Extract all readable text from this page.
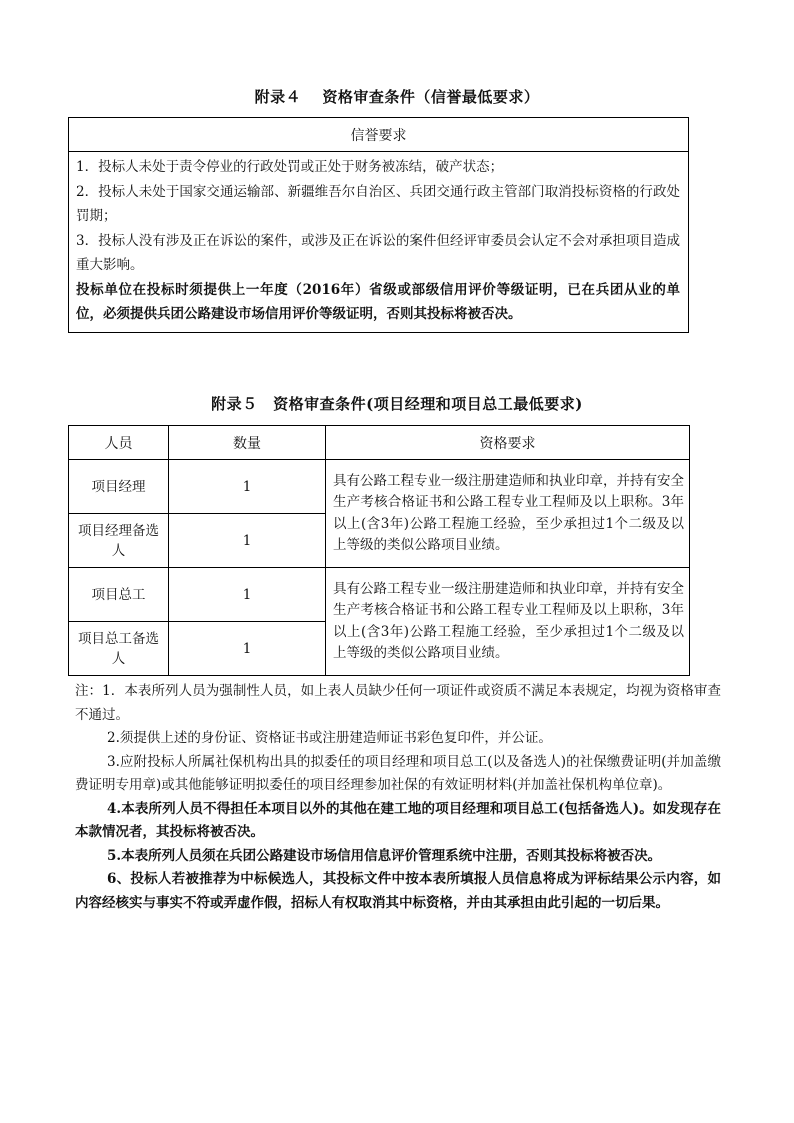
附录４　 资格审查条件（信誉最低要求）
信誉要求

1．投标人未处于责令停业的行政处罚或正处于财务被冻结，破产状态；

2．投标人未处于国家交通运输部、新疆维吾尔自治区、兵团交通行政主管部门取消投标资格的行政处罚期；

3．投标人没有涉及正在诉讼的案件，或涉及正在诉讼的案件但经评审委员会认定不会对承担项目造成重大影响。

投标单位在投标时须提供上一年度（2016年）省级或部级信用评价等级证明，已在兵团从业的单位，必须提供兵团公路建设市场信用评价等级证明，否则其投标将被否决。

附录５　资格审查条件(项目经理和项目总工最低要求)
人员	数量	资格要求
项目经理	1	具有公路工程专业一级注册建造师和执业印章，并持有安全生产考核合格证书和公路工程专业工程师及以上职称。3年以上(含3年)公路工程施工经验，至少承担过1个二级及以上等级的类似公路项目业绩。
项目经理备选人	1	
项目总工	1	具有公路工程专业一级注册建造师和执业印章，并持有安全生产考核合格证书和公路工程专业工程师及以上职称，3年以上(含3年)公路工程施工经验，至少承担过1个二级及以上等级的类似公路项目业绩。
项目总工备选人	1	

注：1．本表所列人员为强制性人员，如上表人员缺少任何一项证件或资质不满足本表规定，均视为资格审查不通过。

2.须提供上述的身份证、资格证书或注册建造师证书彩色复印件，并公证。

3.应附投标人所属社保机构出具的拟委任的项目经理和项目总工(以及备选人)的社保缴费证明(并加盖缴费证明专用章)或其他能够证明拟委任的项目经理参加社保的有效证明材料(并加盖社保机构单位章)。

4.本表所列人员不得担任本项目以外的其他在建工地的项目经理和项目总工(包括备选人)。如发现存在本款情况者，其投标将被否决。

5.本表所列人员须在兵团公路建设市场信用信息评价管理系统中注册，否则其投标将被否决。

6、投标人若被推荐为中标候选人，其投标文件中按本表所填报人员信息将成为评标结果公示内容，如内容经核实与事实不符或弄虚作假，招标人有权取消其中标资格，并由其承担由此引起的一切后果。
